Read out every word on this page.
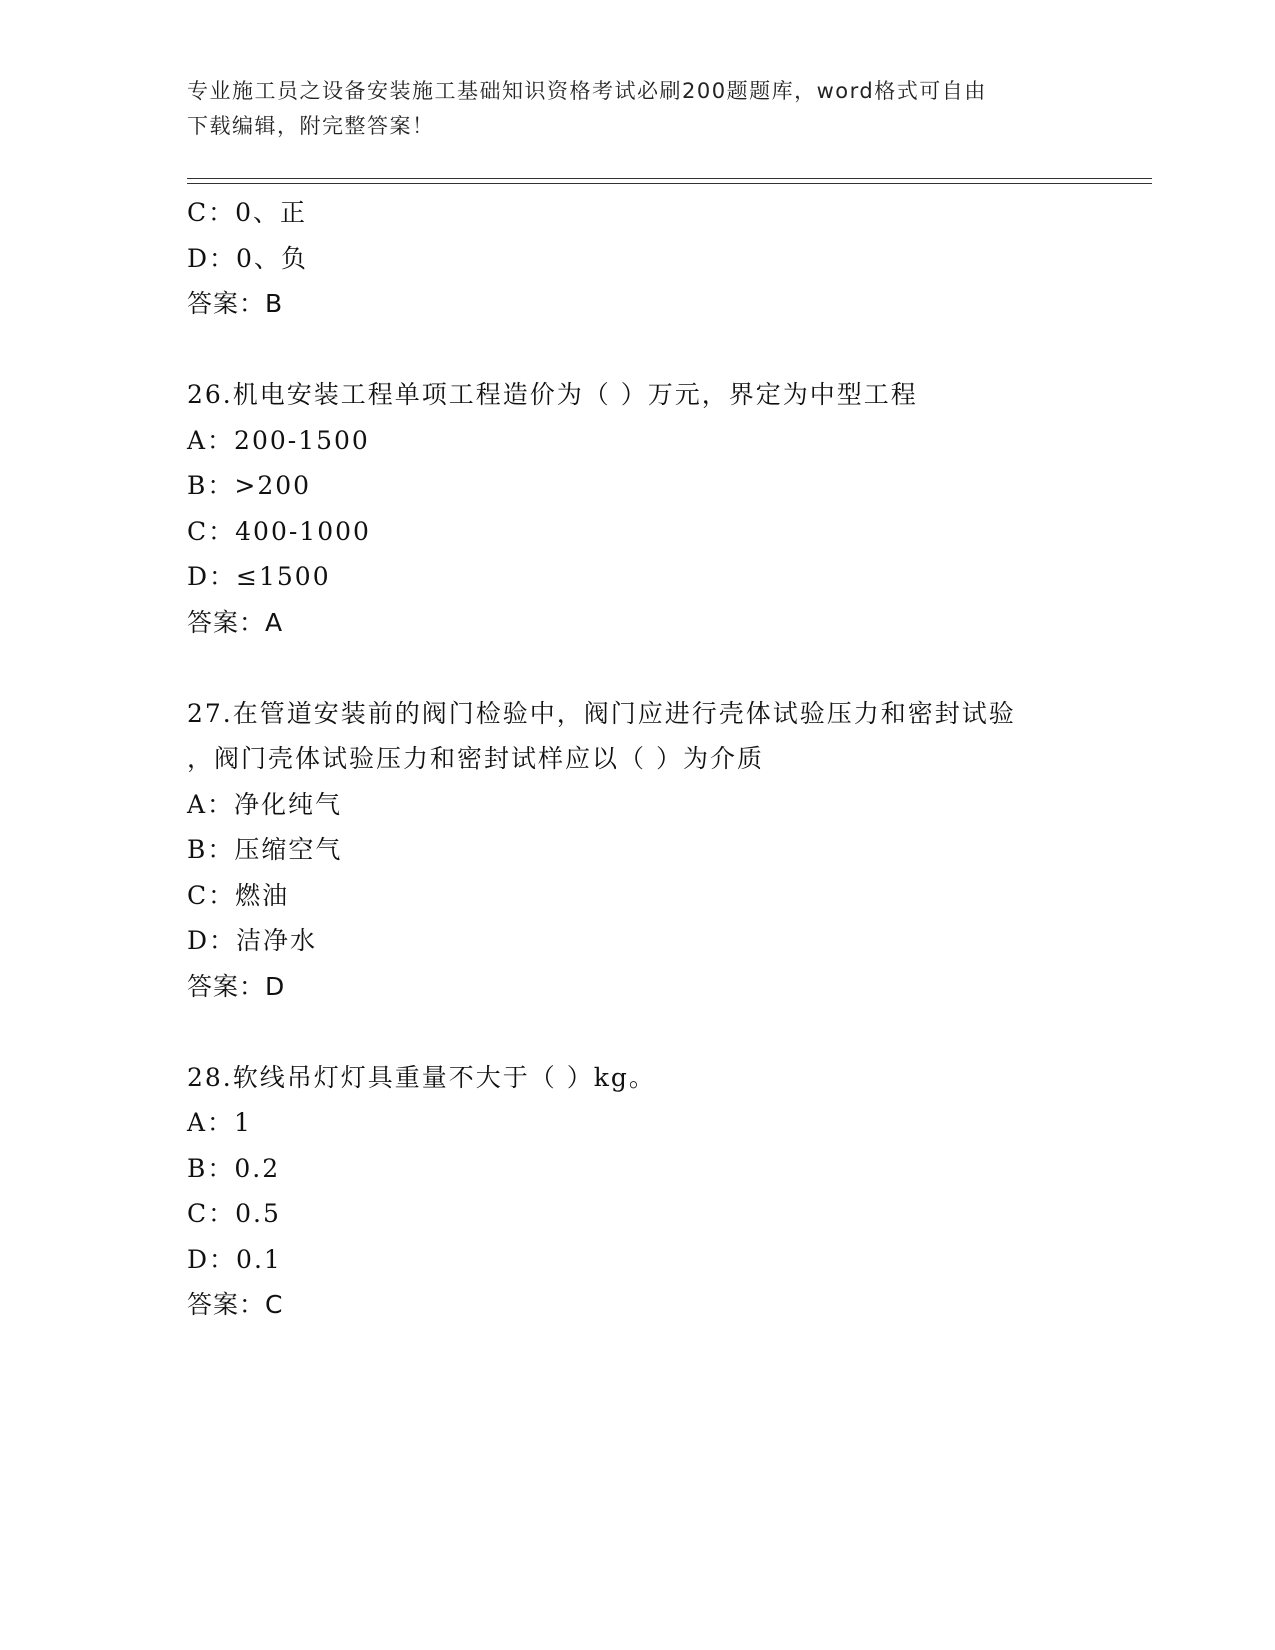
专业施工员之设备安装施工基础知识资格考试必刷200题题库，word格式可自由
下载编辑，附完整答案！
C：0、正
D：0、负
答案：B
26.机电安装工程单项工程造价为（ ）万元，界定为中型工程
A：200-1500
B：>200
C：400-1000
D：≤1500
答案：A
27.在管道安装前的阀门检验中，阀门应进行壳体试验压力和密封试验
，阀门壳体试验压力和密封试样应以（ ）为介质
A：净化纯气
B：压缩空气
C：燃油
D：洁净水
答案：D
28.软线吊灯灯具重量不大于（ ）kg。
A：1
B：0.2
C：0.5
D：0.1
答案：C
